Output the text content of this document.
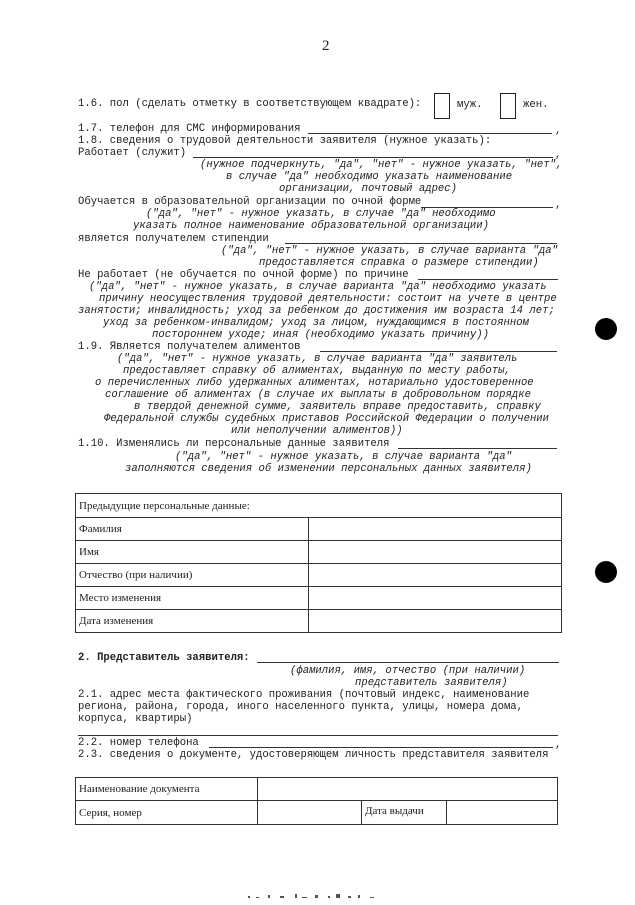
2
1.6. пол (сделать отметку в соответствующем квадрате):	муж.	жен.
1.7. телефон для СМС информирования	,
1.8. сведения о трудовой деятельности заявителя (нужное указать):
Работает (служит)	,
(нужное подчеркнуть, "да", "нет" - нужное указать, "нет",
в случае "да" необходимо указать наименование
организации, почтовый адрес)
Обучается в образовательной организации по очной форме	,
("да", "нет" - нужное указать, в случае "да" необходимо
указать полное наименование образовательной организации)
является получателем стипендии
("да", "нет" - нужное указать, в случае варианта "да"
предоставляется справка о размере стипендии)
Не работает (не обучается по очной форме) по причине
("да", "нет" - нужное указать, в случае варианта "да" необходимо указать
причину неосуществления трудовой деятельности: состоит на учете в центре
занятости; инвалидность; уход за ребенком до достижения им возраста 14 лет;
уход за ребенком-инвалидом; уход за лицом, нуждающимся в постоянном
постороннем уходе; иная (необходимо указать причину))
1.9. Является получателем алиментов
("да", "нет" - нужное указать, в случае варианта "да" заявитель
предоставляет справку об алиментах, выданную по месту работы,
о перечисленных либо удержанных алиментах, нотариально удостоверенное
соглашение об алиментах (в случае их выплаты в добровольном порядке
в твердой денежной сумме, заявитель вправе предоставить, справку
Федеральной службы судебных приставов Российской Федерации о получении
или неполучении алиментов))
1.10. Изменялись ли персональные данные заявителя
("да", "нет" - нужное указать, в случае варианта "да"
заполняются сведения об изменении персональных данных заявителя)
Предыдущие персональные данные:	
Фамилия	
Имя	
Отчество (при наличии)	
Место изменения	
Дата изменения	
2. Представитель заявителя:
(фамилия, имя, отчество (при наличии)
представитель заявителя)
2.1. адрес места фактического проживания (почтовый индекс, наименование
региона, района, города, иного населенного пункта, улицы, номера дома,
корпуса, квартиры)
2.2. номер телефона	,
2.3. сведения о документе, удостоверяющем личность представителя заявителя
Наименование документа		
Серия, номер		Дата выдачи
